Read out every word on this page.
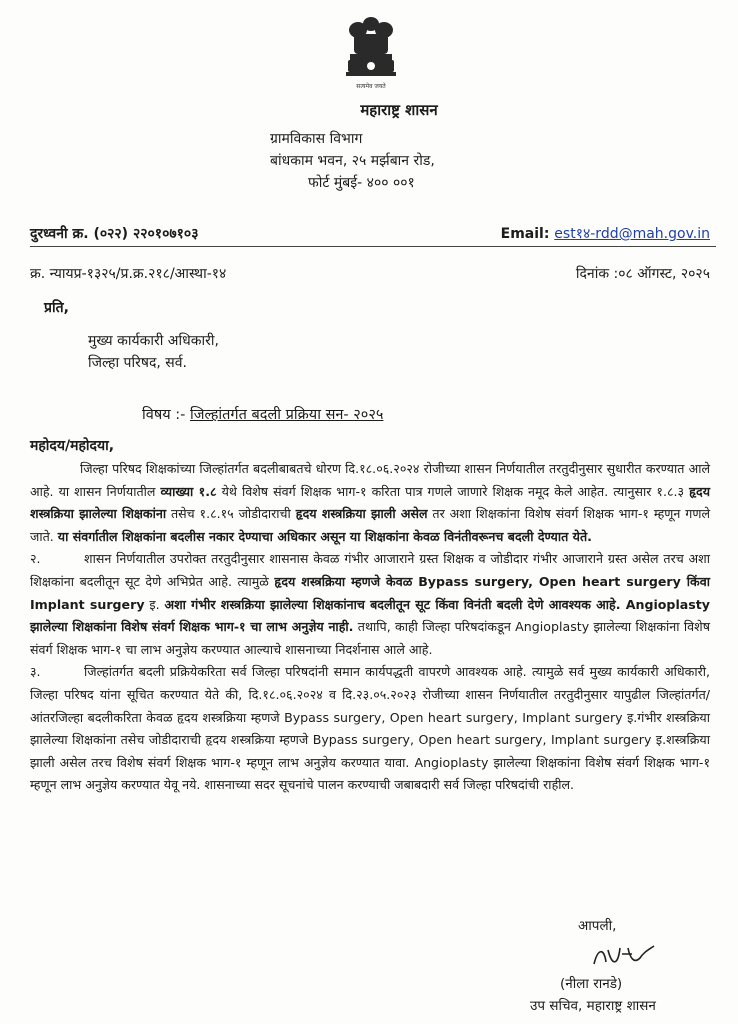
सत्यमेव जयते
महाराष्ट्र शासन
ग्रामविकास विभाग
बांधकाम भवन, २५ मर्झबान रोड,
फोर्ट मुंबई- ४०० ००१
दुरध्वनी क्र. (०२२) २२०१०७१०३	Email: est१४-rdd@mah.gov.in
क्र. न्यायप्र-१३२५/प्र.क्र.२१८/आस्था-१४	दिनांक :०८ ऑगस्ट, २०२५
प्रति,
मुख्य कार्यकारी अधिकारी,
जिल्हा परिषद, सर्व.
विषय :- जिल्हांतर्गत बदली प्रक्रिया सन- २०२५
महोदय/महोदया,

जिल्हा परिषद शिक्षकांच्या जिल्हांतर्गत बदलीबाबतचे धोरण दि.१८.०६.२०२४ रोजीच्या शासन निर्णयातील तरतुदीनुसार सुधारीत करण्यात आले आहे. या शासन निर्णयातील व्याख्या १.८ येथे विशेष संवर्ग शिक्षक भाग-१ करिता पात्र गणले जाणारे शिक्षक नमूद केले आहेत. त्यानुसार १.८.३ हृदय शस्त्रक्रिया झालेल्या शिक्षकांना तसेच १.८.१५ जोडीदाराची हृदय शस्त्रक्रिया झाली असेल तर अशा शिक्षकांना विशेष संवर्ग शिक्षक भाग-१ म्हणून गणले जाते. या संवर्गातील शिक्षकांना बदलीस नकार देण्याचा अधिकार असून या शिक्षकांना केवळ विनंतीवरूनच बदली देण्यात येते.

२.	शासन निर्णयातील उपरोक्त तरतुदीनुसार शासनास केवळ गंभीर आजाराने ग्रस्त शिक्षक व जोडीदार गंभीर आजाराने ग्रस्त असेल तरच अशा शिक्षकांना बदलीतून सूट देणे अभिप्रेत आहे. त्यामुळे हृदय शस्त्रक्रिया म्हणजे केवळ Bypass surgery, Open heart surgery किंवा Implant surgery इ. अशा गंभीर शस्त्रक्रिया झालेल्या शिक्षकांनाच बदलीतून सूट किंवा विनंती बदली देणे आवश्यक आहे. Angioplasty झालेल्या शिक्षकांना विशेष संवर्ग शिक्षक भाग-१ चा लाभ अनुज्ञेय नाही. तथापि, काही जिल्हा परिषदांकडून Angioplasty झालेल्या शिक्षकांना विशेष संवर्ग शिक्षक भाग-१ चा लाभ अनुज्ञेय करण्यात आल्याचे शासनाच्या निदर्शनास आले आहे.

३.	जिल्हांतर्गत बदली प्रक्रियेकरिता सर्व जिल्हा परिषदांनी समान कार्यपद्धती वापरणे आवश्यक आहे. त्यामुळे सर्व मुख्य कार्यकारी अधिकारी, जिल्हा परिषद यांना सूचित करण्यात येते की, दि.१८.०६.२०२४ व दि.२३.०५.२०२३ रोजीच्या शासन निर्णयातील तरतुदीनुसार यापुढील जिल्हांतर्गत/आंतरजिल्हा बदलीकरिता केवळ हृदय शस्त्रक्रिया म्हणजे Bypass surgery, Open heart surgery, Implant surgery इ.गंभीर शस्त्रक्रिया झालेल्या शिक्षकांना तसेच जोडीदाराची हृदय शस्त्रक्रिया म्हणजे Bypass surgery, Open heart surgery, Implant surgery इ.शस्त्रक्रिया झाली असेल तरच विशेष संवर्ग शिक्षक भाग-१ म्हणून लाभ अनुज्ञेय करण्यात यावा. Angioplasty झालेल्या शिक्षकांना विशेष संवर्ग शिक्षक भाग-१ म्हणून लाभ अनुज्ञेय करण्यात येवू नये. शासनाच्या सदर सूचनांचे पालन करण्याची जबाबदारी सर्व जिल्हा परिषदांची राहील.

आपली,
(नीला रानडे)
उप सचिव, महाराष्ट्र शासन
